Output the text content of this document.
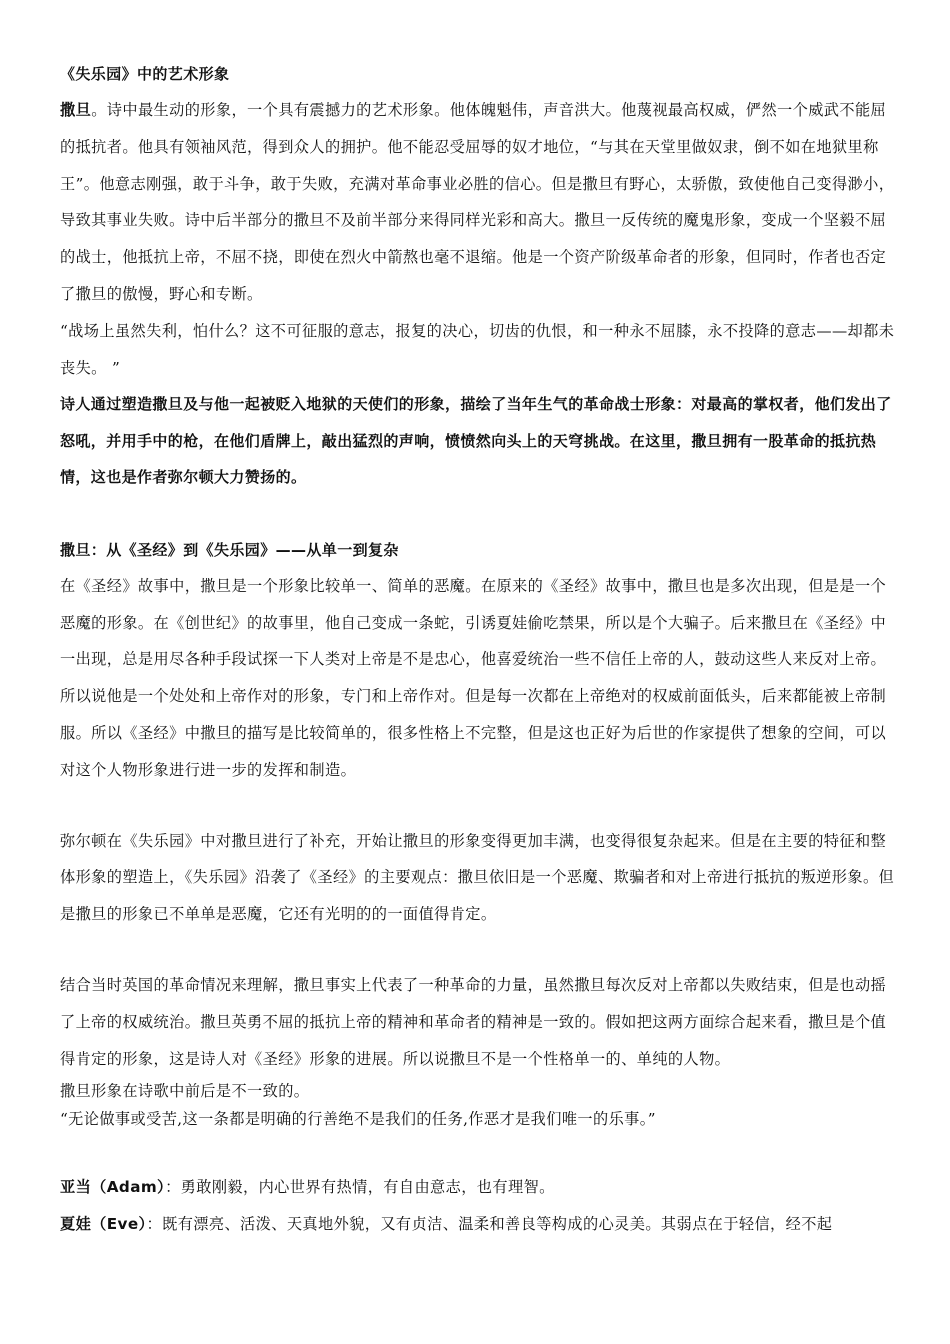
《失乐园》中的艺术形象

撒旦。诗中最生动的形象，一个具有震撼力的艺术形象。他体魄魁伟，声音洪大。他蔑视最高权威，俨然一个威武不能屈的抵抗者。他具有领袖风范，得到众人的拥护。他不能忍受屈辱的奴才地位，“与其在天堂里做奴隶，倒不如在地狱里称王”。他意志刚强，敢于斗争，敢于失败，充满对革命事业必胜的信心。但是撒旦有野心，太骄傲，致使他自己变得渺小，导致其事业失败。诗中后半部分的撒旦不及前半部分来得同样光彩和高大。撒旦一反传统的魔鬼形象，变成一个坚毅不屈的战士，他抵抗上帝，不屈不挠，即使在烈火中箭熬也毫不退缩。他是一个资产阶级革命者的形象，但同时，作者也否定了撒旦的傲慢，野心和专断。

“战场上虽然失利，怕什么？这不可征服的意志，报复的决心，切齿的仇恨，和一种永不屈膝，永不投降的意志——却都未丧失。 ”

诗人通过塑造撒旦及与他一起被贬入地狱的天使们的形象，描绘了当年生气的革命战士形象：对最高的掌权者，他们发出了怒吼，并用手中的枪，在他们盾牌上，敲出猛烈的声响，愤愤然向头上的天穹挑战。在这里，撒旦拥有一股革命的抵抗热情，这也是作者弥尔顿大力赞扬的。

撒旦：从《圣经》到《失乐园》——从单一到复杂

在《圣经》故事中，撒旦是一个形象比较单一、简单的恶魔。在原来的《圣经》故事中，撒旦也是多次出现，但是是一个恶魔的形象。在《创世纪》的故事里，他自己变成一条蛇，引诱夏娃偷吃禁果，所以是个大骗子。后来撒旦在《圣经》中一出现，总是用尽各种手段试探一下人类对上帝是不是忠心，他喜爱统治一些不信任上帝的人，鼓动这些人来反对上帝。所以说他是一个处处和上帝作对的形象，专门和上帝作对。但是每一次都在上帝绝对的权威前面低头，后来都能被上帝制服。所以《圣经》中撒旦的描写是比较简单的，很多性格上不完整，但是这也正好为后世的作家提供了想象的空间，可以对这个人物形象进行进一步的发挥和制造。

弥尔顿在《失乐园》中对撒旦进行了补充，开始让撒旦的形象变得更加丰满，也变得很复杂起来。但是在主要的特征和整体形象的塑造上，《失乐园》沿袭了《圣经》的主要观点：撒旦依旧是一个恶魔、欺骗者和对上帝进行抵抗的叛逆形象。但是撒旦的形象已不单单是恶魔，它还有光明的的一面值得肯定。

结合当时英国的革命情况来理解，撒旦事实上代表了一种革命的力量，虽然撒旦每次反对上帝都以失败结束，但是也动摇了上帝的权威统治。撒旦英勇不屈的抵抗上帝的精神和革命者的精神是一致的。假如把这两方面综合起来看，撒旦是个值得肯定的形象，这是诗人对《圣经》形象的进展。所以说撒旦不是一个性格单一的、单纯的人物。

撒旦形象在诗歌中前后是不一致的。

“无论做事或受苦,这一条都是明确的行善绝不是我们的任务,作恶才是我们唯一的乐事。”

亚当（Adam）：勇敢刚毅，内心世界有热情，有自由意志，也有理智。

夏娃（Eve）：既有漂亮、活泼、天真地外貌，又有贞洁、温柔和善良等构成的心灵美。其弱点在于轻信，经不起
